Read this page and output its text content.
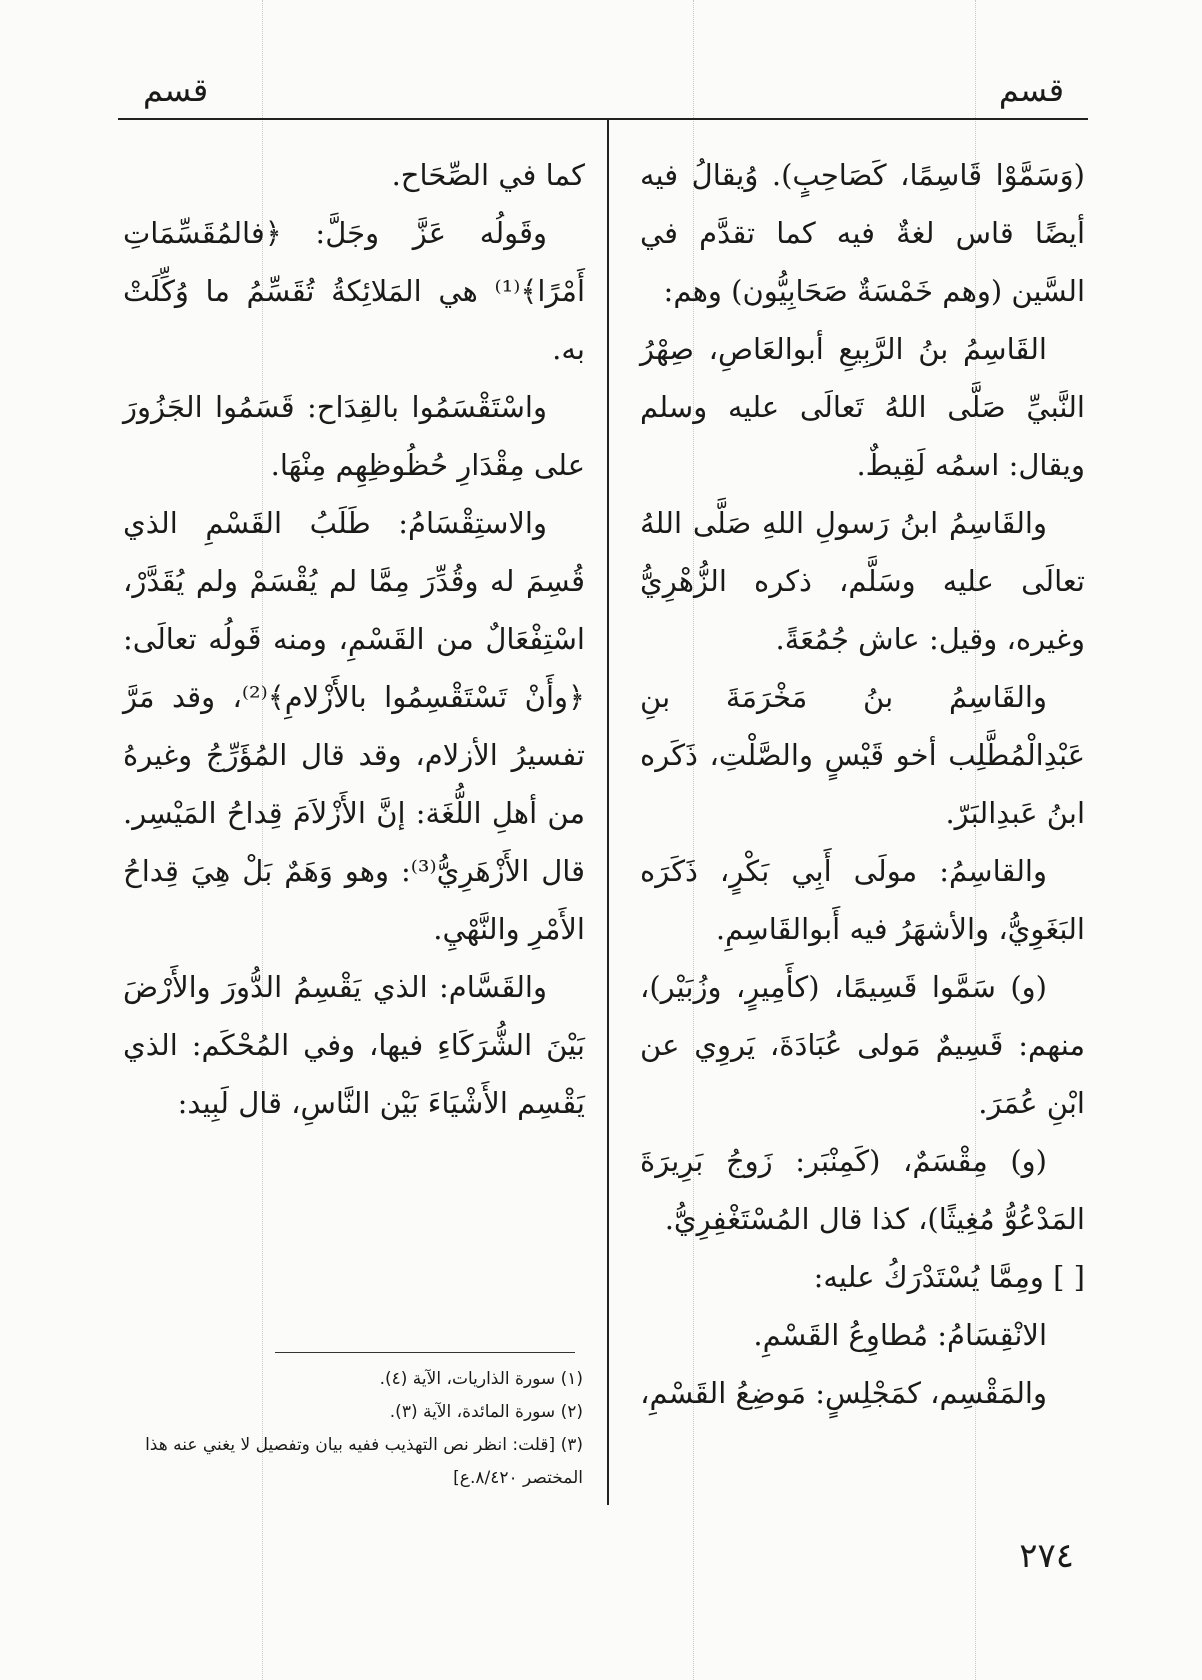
قسم
قسم

(وَسَمَّوْا قَاسِمًا، كَصَاحِبٍ). وُيقالُ فيه أيضًا قاس لغةٌ فيه كما تقدَّم في السَّين (وهم خَمْسَةٌ صَحَابِيُّون) وهم:

القَاسِمُ بنُ الرَّبِيعِ أبوالعَاصِ، صِهْرُ النَّبيِّ صَلَّى اللهُ تَعالَى عليه وسلم ويقال: اسمُه لَقِيطٌ.

والقَاسِمُ ابنُ رَسولِ اللهِ صَلَّى اللهُ تعالَى عليه وسَلَّم، ذكره الزُّهْرِيُّ وغيره، وقيل: عاش جُمُعَةً.

والقَاسِمُ بنُ مَخْرَمَةَ بنِ عَبْدِالْمُطَّلِب أخو قَيْسٍ والصَّلْتِ، ذَكَره ابنُ عَبدِالبَرّ.

والقاسِمُ: مولَى أَبِي بَكْرٍ، ذَكَرَه البَغَوِيُّ، والأشهَرُ فيه أَبوالقَاسِمِ.

(و) سَمَّوا قَسِيمًا، (كأَمِيرٍ، وزُبَيْر)، منهم: قَسِيمٌ مَولى عُبَادَةَ، يَروِي عن ابْنِ عُمَرَ.

(و) مِقْسَمٌ، (كَمِنْبَر: زَوجُ بَرِيرَةَ المَدْعُوُّ مُغِيثًا)، كذا قال المُسْتَغْفِرِيُّ.

[ ] ومِمَّا يُسْتَدْرَكُ عليه:

الانْقِسَامُ: مُطاوِعُ القَسْمِ.

والمَقْسِم، كمَجْلِسٍ: مَوضِعُ القَسْمِ،

كما في الصِّحَاح.

وقَولُه عَزَّ وجَلَّ: ﴿فالمُقَسِّمَاتِ أَمْرًا﴾⁽¹⁾ هي المَلائِكةُ تُقَسِّمُ ما وُكِّلَتْ به.

واسْتَقْسَمُوا بالقِدَاح: قَسَمُوا الجَزُورَ على مِقْدَارِ حُظُوظِهِم مِنْهَا.

والاستِقْسَامُ: طَلَبُ القَسْمِ الذي قُسِمَ له وقُدِّرَ مِمَّا لم يُقْسَمْ ولم يُقَدَّرْ، اسْتِفْعَالٌ من القَسْمِ، ومنه قَولُه تعالَى: ﴿وأَنْ تَسْتَقْسِمُوا بالأَزْلامِ﴾⁽²⁾، وقد مَرَّ تفسيرُ الأزلام، وقد قال المُؤَرِّجُ وغيرهُ من أهلِ اللُّغَة: إنَّ الأَزْلاَمَ قِداحُ المَيْسِر. قال الأَزْهَرِيُّ⁽³⁾: وهو وَهَمٌ بَلْ هِيَ قِداحُ الأَمْرِ والنَّهْيِ.

والقَسَّام: الذي يَقْسِمُ الدُّورَ والأَرْضَ بَيْنَ الشُّرَكَاءِ فيها، وفي المُحْكَم: الذي يَقْسِم الأَشْيَاءَ بَيْن النَّاسِ، قال لَبِيد:

(١) سورة الذاريات، الآية (٤).

(٢) سورة المائدة، الآية (٣).

(٣) [قلت: انظر نص التهذيب ففيه بيان وتفصيل لا يغني عنه هذا المختصر ٨/٤٢٠.ع]

٢٧٤
